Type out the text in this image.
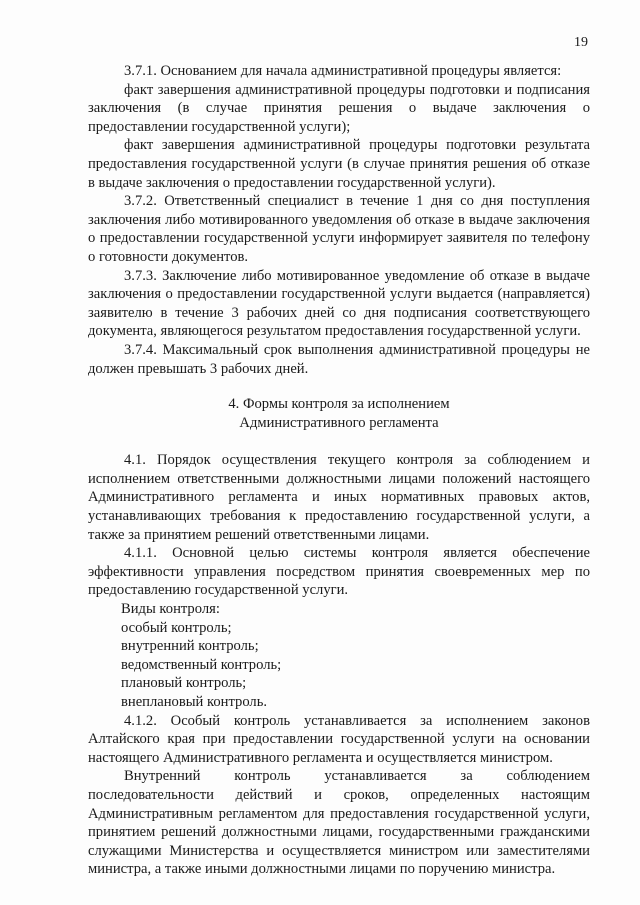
19

3.7.1. Основанием для начала административной процедуры является:

факт завершения административной процедуры подготовки и подписания заключения (в случае принятия решения о выдаче заключения о предоставлении государственной услуги);

факт завершения административной процедуры подготовки результата предоставления государственной услуги (в случае принятия решения об отказе в выдаче заключения о предоставлении государственной услуги).

3.7.2. Ответственный специалист в течение 1 дня со дня поступления заключения либо мотивированного уведомления об отказе в выдаче заключения о предоставлении государственной услуги информирует заявителя по телефону о готовности документов.

3.7.3. Заключение либо мотивированное уведомление об отказе в выдаче заключения о предоставлении государственной услуги выдается (направляется) заявителю в течение 3 рабочих дней со дня подписания соответствующего документа, являющегося результатом предоставления государственной услуги.

3.7.4. Максимальный срок выполнения административной процедуры не должен превышать 3 рабочих дней.

4. Формы контроля за исполнением
Административного регламента

4.1. Порядок осуществления текущего контроля за соблюдением и исполнением ответственными должностными лицами положений настоящего Административного регламента и иных нормативных правовых актов, устанавливающих требования к предоставлению государственной услуги, а также за принятием решений ответственными лицами.

4.1.1. Основной целью системы контроля является обеспечение эффективности управления посредством принятия своевременных мер по предоставлению государственной услуги.

Виды контроля:

особый контроль;

внутренний контроль;

ведомственный контроль;

плановый контроль;

внеплановый контроль.

4.1.2. Особый контроль устанавливается за исполнением законов Алтайского края при предоставлении государственной услуги на основании настоящего Административного регламента и осуществляется министром.

Внутренний контроль устанавливается за соблюдением последовательности действий и сроков, определенных настоящим Административным регламентом для предоставления государственной услуги, принятием решений должностными лицами, государственными гражданскими служащими Министерства и осуществляется министром или заместителями министра, а также иными должностными лицами по поручению министра.
